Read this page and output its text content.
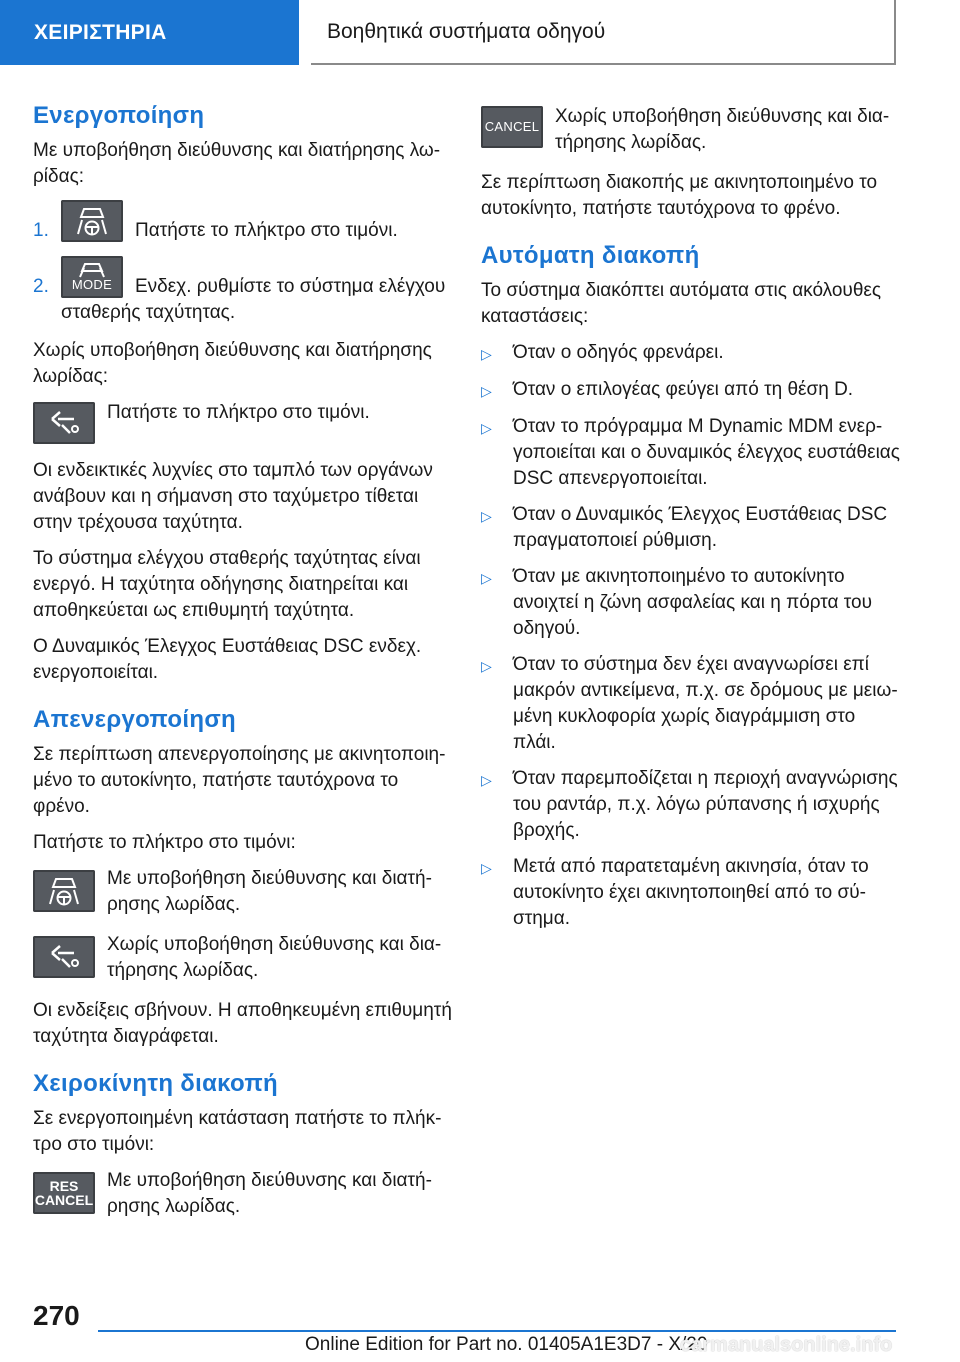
ΧΕΙΡΙΣΤΗΡΙΑ	Βοηθητικά συστήματα οδηγού
Ενεργοποίηση

Με υποβοήθηση διεύθυνσης και διατήρησης λωρίδας:

1.	Πατήστε το πλήκτρο στο τιμόνι.
2.	MODE	Ενδεχ. ρυθμίστε το σύστημα ελέγχου σταθερής ταχύτητας.

Χωρίς υποβοήθηση διεύθυνσης και διατήρησης λωρίδας:

Πατήστε το πλήκτρο στο τιμόνι.

Οι ενδεικτικές λυχνίες στο ταμπλό των οργάνων ανάβουν και η σήμανση στο ταχύμετρο τίθεται στην τρέχουσα ταχύτητα.

Το σύστημα ελέγχου σταθερής ταχύτητας είναι ενεργό. Η ταχύτητα οδήγησης διατηρείται και αποθηκεύεται ως επιθυμητή ταχύτητα.

Ο Δυναμικός Έλεγχος Ευστάθειας DSC ενδεχ. ενεργοποιείται.

Απενεργοποίηση

Σε περίπτωση απενεργοποίησης με ακινητοποιημένο το αυτοκίνητο, πατήστε ταυτόχρονα το φρένο.

Πατήστε το πλήκτρο στο τιμόνι:

Με υποβοήθηση διεύθυνσης και διατήρησης λωρίδας.
Χωρίς υποβοήθηση διεύθυνσης και διατήρησης λωρίδας.

Οι ενδείξεις σβήνουν. Η αποθηκευμένη επιθυμητή ταχύτητα διαγράφεται.

Χειροκίνητη διακοπή

Σε ενεργοποιημένη κατάσταση πατήστε το πλήκτρο στο τιμόνι:

RES
CANCEL
Με υποβοήθηση διεύθυνσης και διατήρησης λωρίδας.
CANCEL Χωρίς υποβοήθηση διεύθυνσης και διατήρησης λωρίδας.

Σε περίπτωση διακοπής με ακινητοποιημένο το αυτοκίνητο, πατήστε ταυτόχρονα το φρένο.

Αυτόματη διακοπή

Το σύστημα διακόπτει αυτόματα στις ακόλουθες καταστάσεις:

▷	Όταν ο οδηγός φρενάρει.
▷	Όταν ο επιλογέας φεύγει από τη θέση D.
▷	Όταν το πρόγραμμα M Dynamic MDM ενεργοποιείται και ο δυναμικός έλεγχος ευστάθειας DSC απενεργοποιείται.
▷	Όταν ο Δυναμικός Έλεγχος Ευστάθειας DSC πραγματοποιεί ρύθμιση.
▷	Όταν με ακινητοποιημένο το αυτοκίνητο ανοιχτεί η ζώνη ασφαλείας και η πόρτα του οδηγού.
▷	Όταν το σύστημα δεν έχει αναγνωρίσει επί μακρόν αντικείμενα, π.χ. σε δρόμους με μειωμένη κυκλοφορία χωρίς διαγράμμιση στο πλάι.
▷	Όταν παρεμποδίζεται η περιοχή αναγνώρισης του ραντάρ, π.χ. λόγω ρύπανσης ή ισχυρής βροχής.
▷	Μετά από παρατεταμένη ακινησία, όταν το αυτοκίνητο έχει ακινητοποιηθεί από το σύστημα.
270
Online Edition for Part no. 01405A1E3D7 - X/20
carmanualsonline.info
